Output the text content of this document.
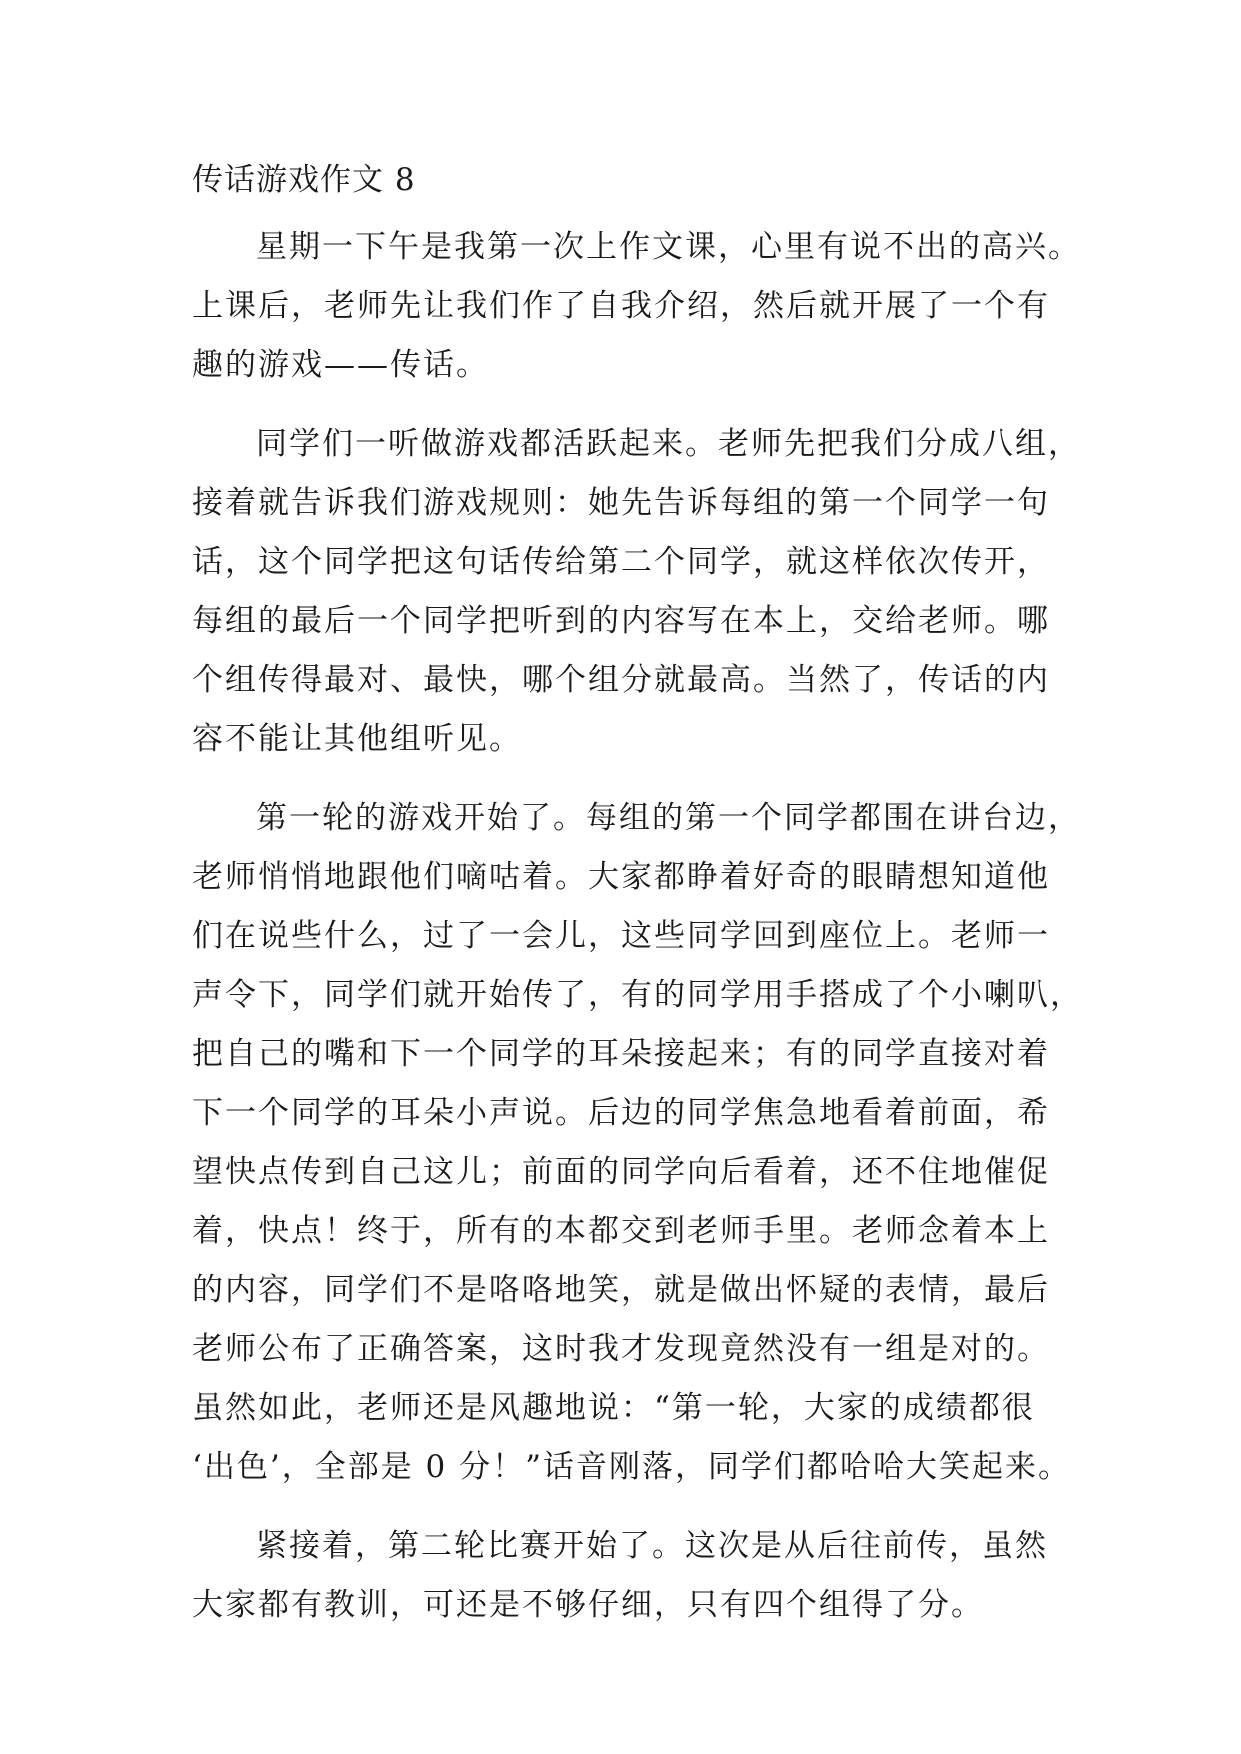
传话游戏作文 8
星期一下午是我第一次上作文课，心里有说不出的高兴。
上课后，老师先让我们作了自我介绍，然后就开展了一个有
趣的游戏——传话。
同学们一听做游戏都活跃起来。老师先把我们分成八组，
接着就告诉我们游戏规则：她先告诉每组的第一个同学一句
话，这个同学把这句话传给第二个同学，就这样依次传开，
每组的最后一个同学把听到的内容写在本上，交给老师。哪
个组传得最对、最快，哪个组分就最高。当然了，传话的内
容不能让其他组听见。
第一轮的游戏开始了。每组的第一个同学都围在讲台边，
老师悄悄地跟他们嘀咕着。大家都睁着好奇的眼睛想知道他
们在说些什么，过了一会儿，这些同学回到座位上。老师一
声令下，同学们就开始传了，有的同学用手搭成了个小喇叭，
把自己的嘴和下一个同学的耳朵接起来；有的同学直接对着
下一个同学的耳朵小声说。后边的同学焦急地看着前面，希
望快点传到自己这儿；前面的同学向后看着，还不住地催促
着，快点！终于，所有的本都交到老师手里。老师念着本上
的内容，同学们不是咯咯地笑，就是做出怀疑的表情，最后
老师公布了正确答案，这时我才发现竟然没有一组是对的。
虽然如此，老师还是风趣地说：“第一轮，大家的成绩都很
‘出色’，全部是 0 分！”话音刚落，同学们都哈哈大笑起来。
紧接着，第二轮比赛开始了。这次是从后往前传，虽然
大家都有教训，可还是不够仔细，只有四个组得了分。
